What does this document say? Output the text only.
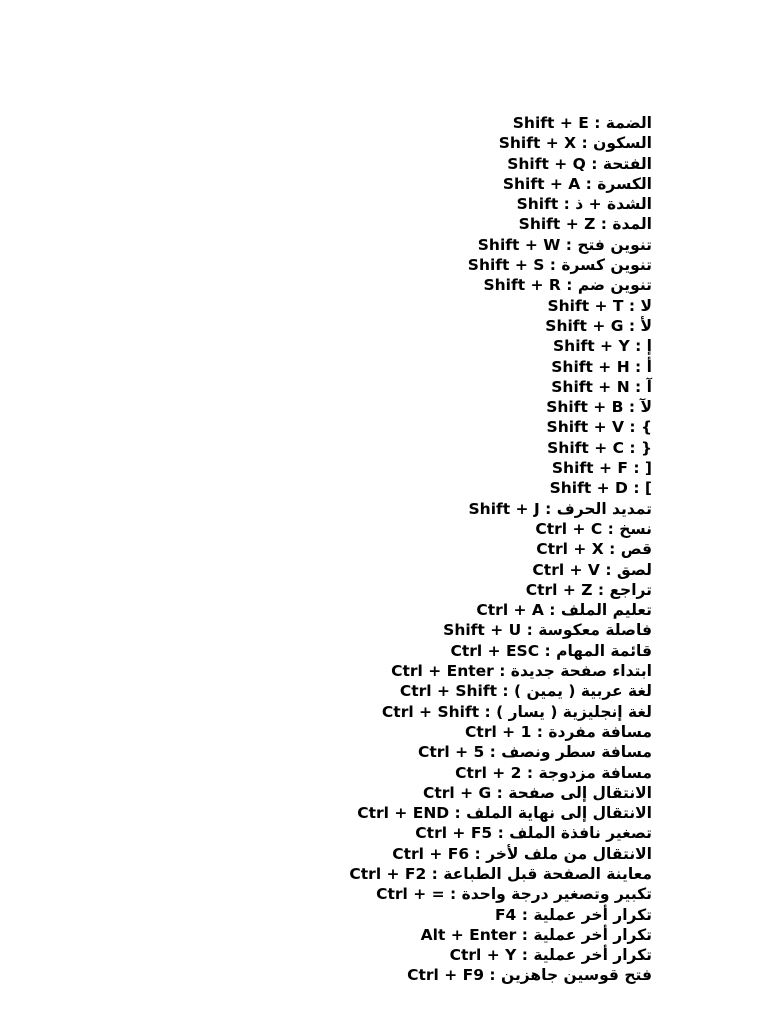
Shift + E : الضمة

Shift + X : السكون

Shift + Q : الفتحة

Shift + A : الكسرة

Shift : الشدة + ذ

Shift + Z : المدة

Shift + W : تنوين فتح

Shift + S : تنوين كسرة

Shift + R : تنوين ضم

Shift + T : لا

Shift + G : لأ

Shift + Y : إ

Shift + H : أ

Shift + N : آ

Shift + B : لآ

Shift + V : {

Shift + C : }

Shift + F : ]

Shift + D : [

Shift + J : تمديد الحرف

Ctrl + C : نسخ

Ctrl + X : قص

Ctrl + V : لصق

Ctrl + Z : تراجع

Ctrl + A : تعليم الملف

Shift + U : فاصلة معكوسة

Ctrl + ESC : قائمة المهام

Ctrl + Enter : ابتداء صفحة جديدة

Ctrl + Shift : لغة عربية ( يمين )

Ctrl + Shift : لغة إنجليزية ( يسار )

Ctrl + 1 : مسافة مفردة

Ctrl + 5 : مسافة سطر ونصف

Ctrl + 2 : مسافة مزدوجة

Ctrl + G : الانتقال إلى صفحة

Ctrl + END : الانتقال إلى نهاية الملف

Ctrl + F5 : تصغير نافذة الملف

Ctrl + F6 : الانتقال من ملف لأخر

Ctrl + F2 : معاينة الصفحة قبل الطباعة

Ctrl + = : تكبير وتصغير درجة واحدة

F4 : تكرار أخر عملية

Alt + Enter : تكرار أخر عملية

Ctrl + Y : تكرار أخر عملية

Ctrl + F9 : فتح قوسين جاهزين
